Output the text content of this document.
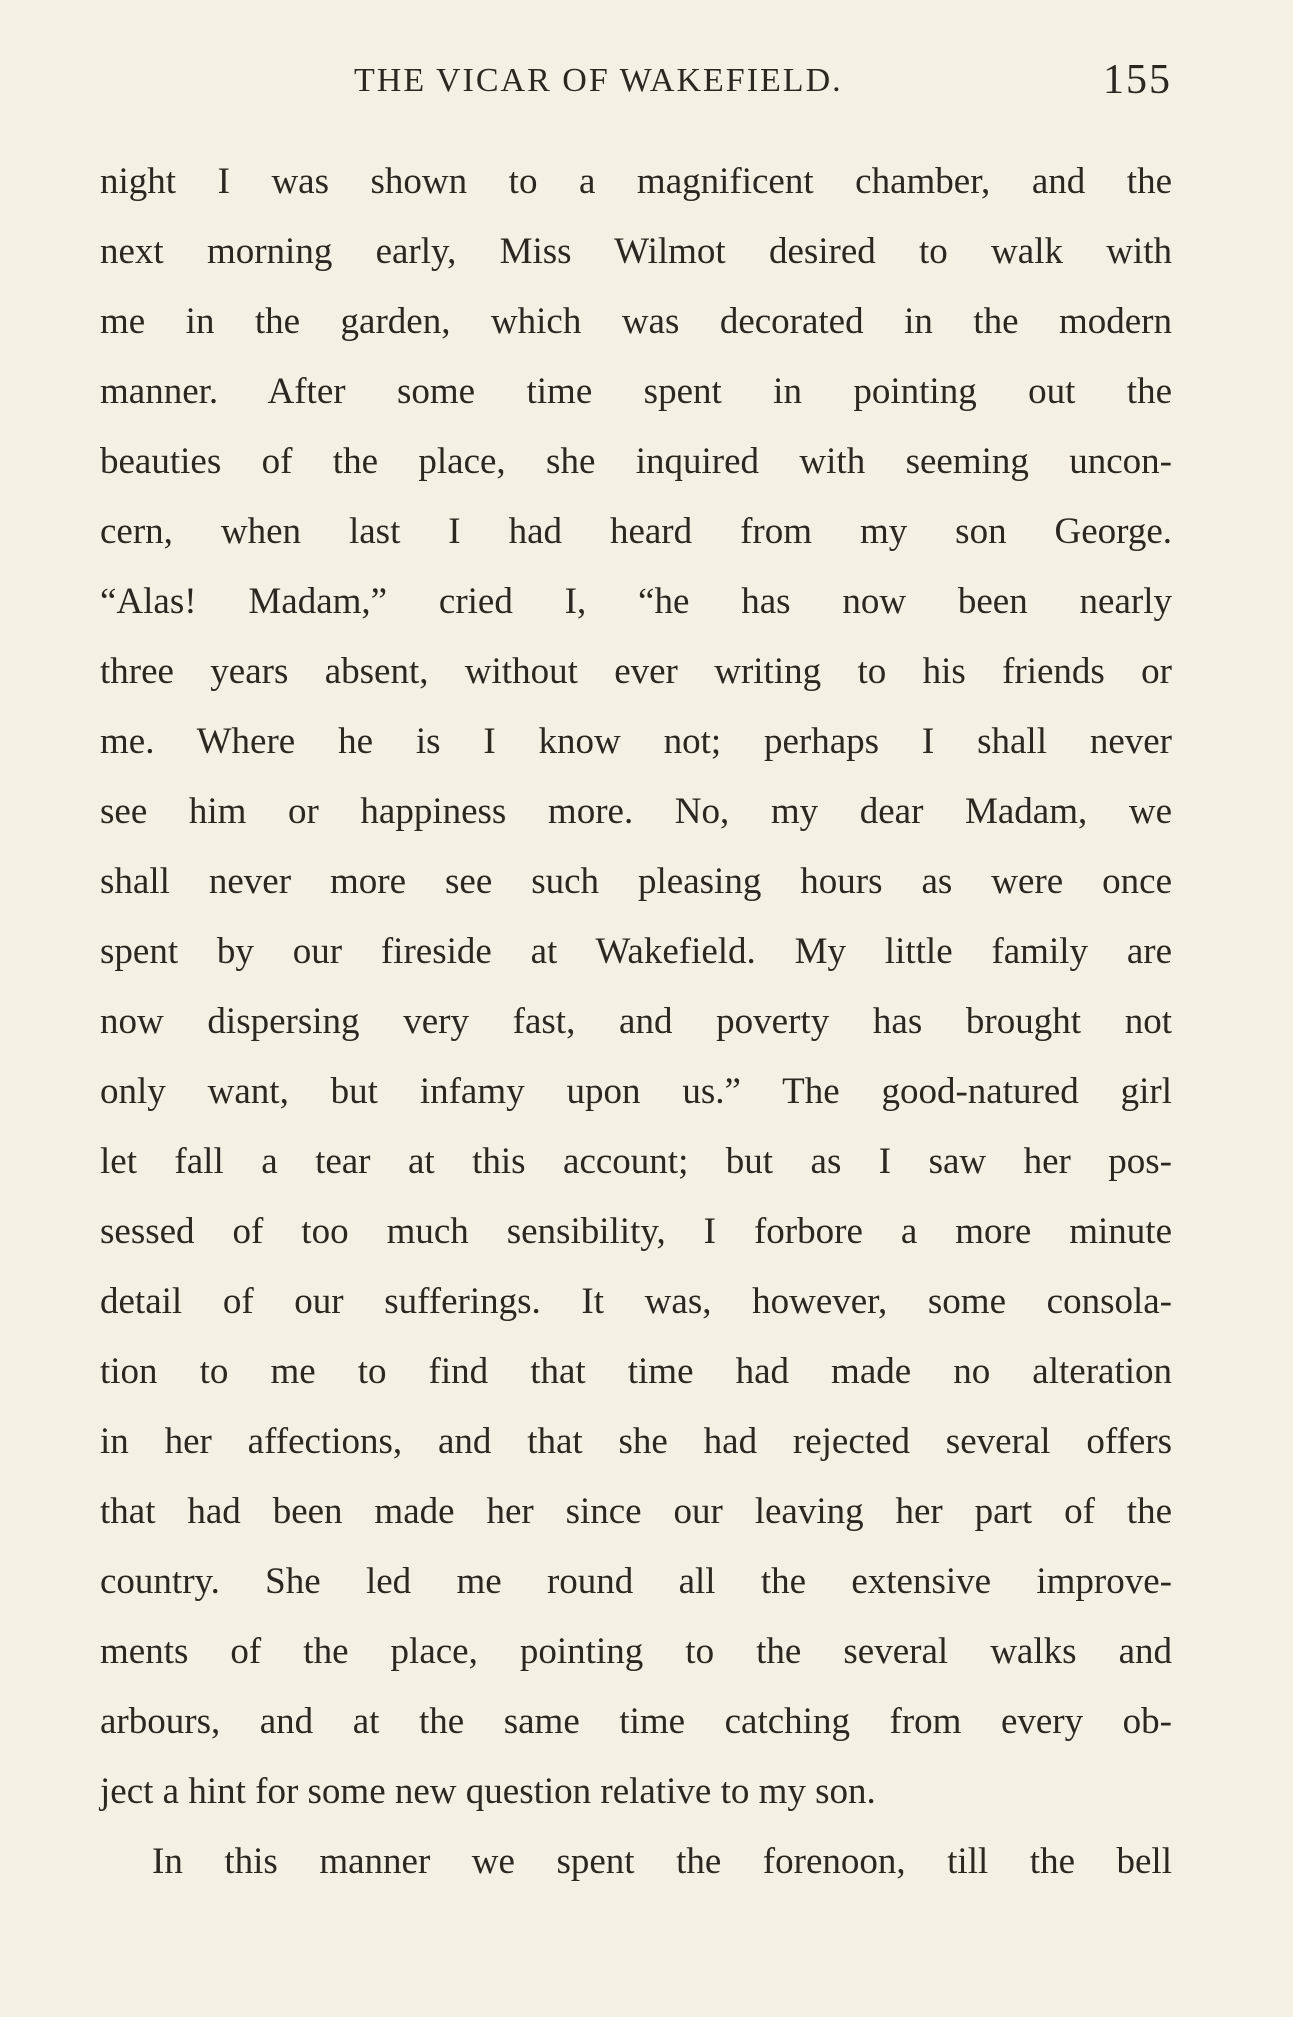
THE VICAR OF WAKEFIELD.	155
night I was shown to a magnificent chamber, and the
next morning early, Miss Wilmot desired to walk with
me in the garden, which was decorated in the modern
manner. After some time spent in pointing out the
beauties of the place, she inquired with seeming uncon-
cern, when last I had heard from my son George.
“Alas! Madam,” cried I, “he has now been nearly
three years absent, without ever writing to his friends or
me. Where he is I know not; perhaps I shall never
see him or happiness more. No, my dear Madam, we
shall never more see such pleasing hours as were once
spent by our fireside at Wakefield. My little family are
now dispersing very fast, and poverty has brought not
only want, but infamy upon us.” The good-natured girl
let fall a tear at this account; but as I saw her pos-
sessed of too much sensibility, I forbore a more minute
detail of our sufferings. It was, however, some consola-
tion to me to find that time had made no alteration
in her affections, and that she had rejected several offers
that had been made her since our leaving her part of the
country. She led me round all the extensive improve-
ments of the place, pointing to the several walks and
arbours, and at the same time catching from every ob-
ject a hint for some new question relative to my son.
In this manner we spent the forenoon, till the bell
